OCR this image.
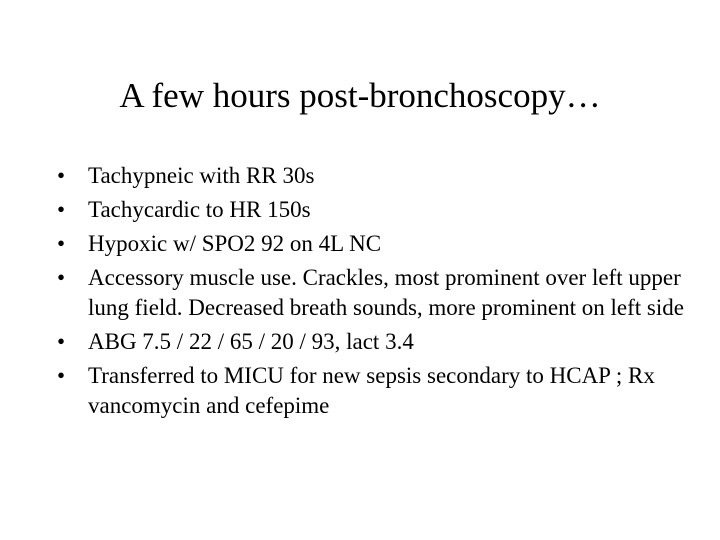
A few hours post-bronchoscopy…
• Tachypneic with RR 30s
• Tachycardic to HR 150s
• Hypoxic w/ SPO2 92 on 4L NC
• Accessory muscle use. Crackles, most prominent over left upper lung field. Decreased breath sounds, more prominent on left side
• ABG 7.5 / 22 / 65 / 20 / 93, lact 3.4
• Transferred to MICU for new sepsis secondary to HCAP ; Rx vancomycin and cefepime
